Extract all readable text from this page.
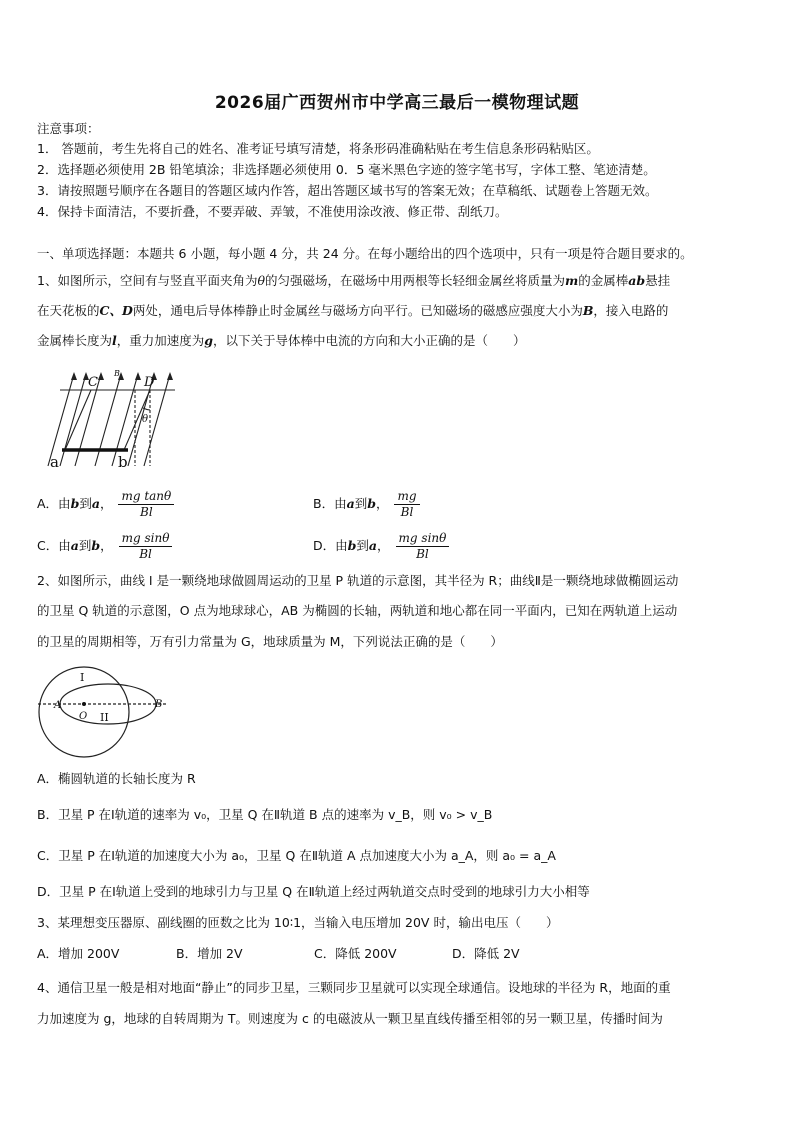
2026届广西贺州市中学高三最后一模物理试题
注意事项：
1． 答题前，考生先将自己的姓名、准考证号填写清楚，将条形码准确粘贴在考生信息条形码粘贴区。
2．选择题必须使用 2B 铅笔填涂；非选择题必须使用 0．5 毫米黑色字迹的签字笔书写，字体工整、笔迹清楚。
3．请按照题号顺序在各题目的答题区域内作答，超出答题区域书写的答案无效；在草稿纸、试题卷上答题无效。
4．保持卡面清洁，不要折叠，不要弄破、弄皱，不准使用涂改液、修正带、刮纸刀。
一、单项选择题：本题共 6 小题，每小题 4 分，共 24 分。在每小题给出的四个选项中，只有一项是符合题目要求的。
1、如图所示，空间有与竖直平面夹角为θ的匀强磁场，在磁场中用两根等长轻细金属丝将质量为m的金属棒ab悬挂
在天花板的C、D两处，通电后导体棒静止时金属丝与磁场方向平行。已知磁场的磁感应强度大小为B，接入电路的
金属棒长度为l，重力加速度为g，以下关于导体棒中电流的方向和大小正确的是（　　）
C
B
D
θ
a	b
A．由b到a， $\frac{\text{mg tanθ}}{Bl}$	B．由a到b， $\frac{mg}{Bl}$
C．由a到b， $\frac{\text{mg sinθ}}{Bl}$	D．由b到a， $\frac{\text{mg sinθ}}{Bl}$
2、如图所示，曲线 I 是一颗绕地球做圆周运动的卫星 P 轨道的示意图，其半径为 R；曲线Ⅱ是一颗绕地球做椭圆运动
的卫星 Q 轨道的示意图，O 点为地球球心，AB 为椭圆的长轴，两轨道和地心都在同一平面内，已知在两轨道上运动
的卫星的周期相等，万有引力常量为 G，地球质量为 M，下列说法正确的是（　　）
I
A
O II
B
A．椭圆轨道的长轴长度为 R
B．卫星 P 在Ⅰ轨道的速率为 v₀，卫星 Q 在Ⅱ轨道 B 点的速率为 v_B，则 v₀ > v_B
C．卫星 P 在Ⅰ轨道的加速度大小为 a₀，卫星 Q 在Ⅱ轨道 A 点加速度大小为 a_A，则 a₀ = a_A
D．卫星 P 在Ⅰ轨道上受到的地球引力与卫星 Q 在Ⅱ轨道上经过两轨道交点时受到的地球引力大小相等
3、某理想变压器原、副线圈的匝数之比为 10∶1，当输入电压增加 20V 时，输出电压（　　）
A．增加 200V	B．增加 2V	C．降低 200V	D．降低 2V
4、通信卫星一般是相对地面“静止”的同步卫星，三颗同步卫星就可以实现全球通信。设地球的半径为 R，地面的重
力加速度为 g，地球的自转周期为 T。则速度为 c 的电磁波从一颗卫星直线传播至相邻的另一颗卫星，传播时间为
